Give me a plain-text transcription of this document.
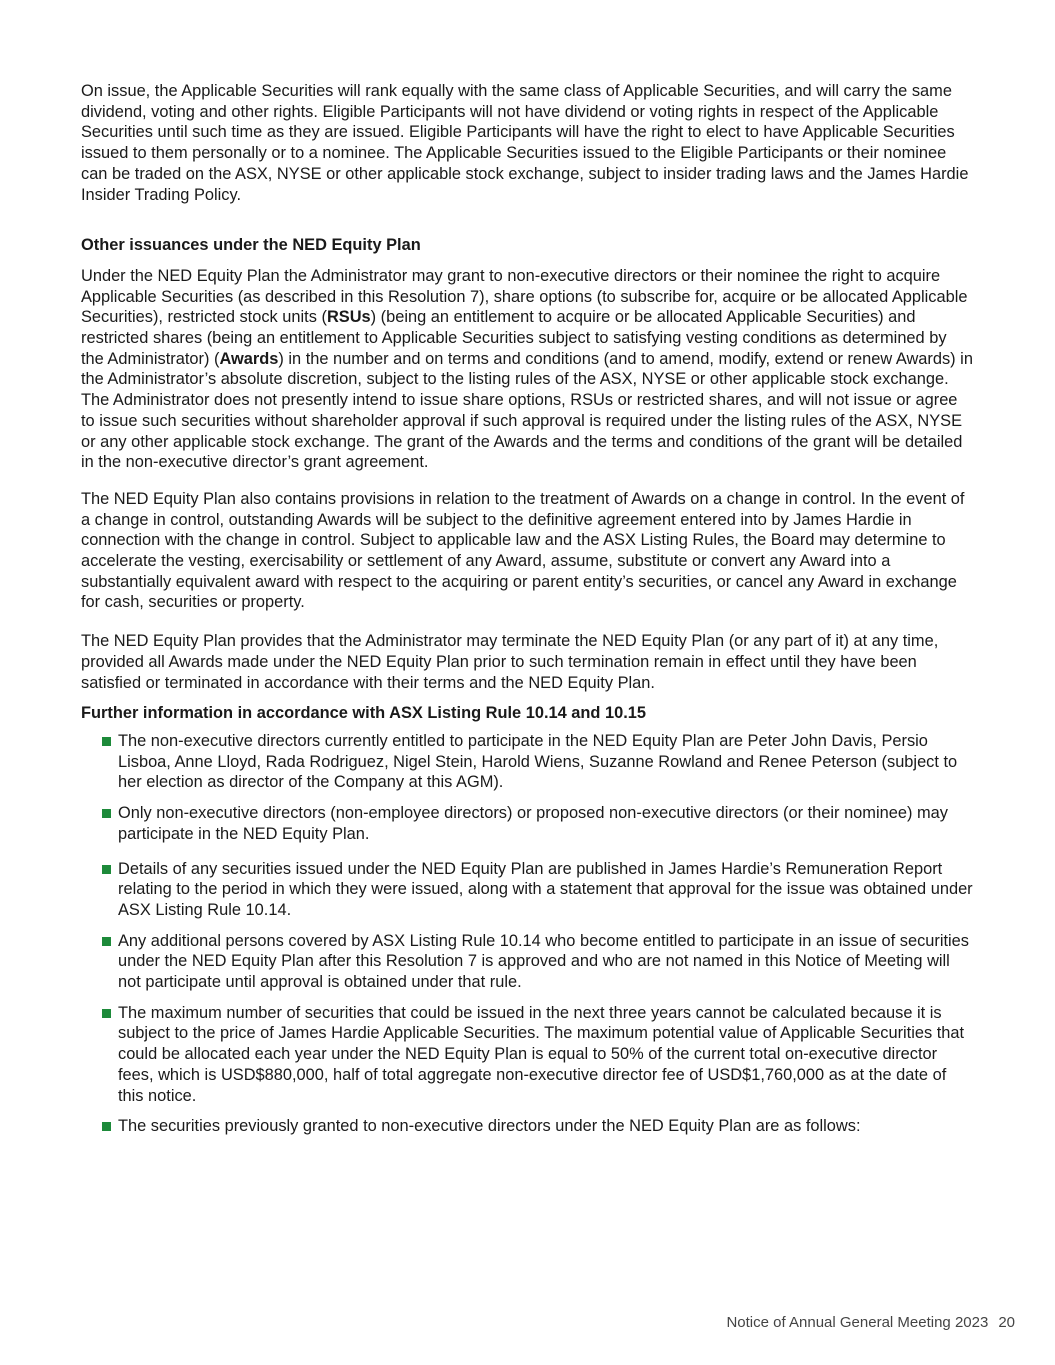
On issue, the Applicable Securities will rank equally with the same class of Applicable Securities, and will carry the same dividend, voting and other rights. Eligible Participants will not have dividend or voting rights in respect of the Applicable Securities until such time as they are issued. Eligible Participants will have the right to elect to have Applicable Securities issued to them personally or to a nominee. The Applicable Securities issued to the Eligible Participants or their nominee can be traded on the ASX, NYSE or other applicable stock exchange, subject to insider trading laws and the James Hardie Insider Trading Policy.

Other issuances under the NED Equity Plan

Under the NED Equity Plan the Administrator may grant to non-executive directors or their nominee the right to acquire Applicable Securities (as described in this Resolution 7), share options (to subscribe for, acquire or be allocated Applicable Securities), restricted stock units (RSUs) (being an entitlement to acquire or be allocated Applicable Securities) and restricted shares (being an entitlement to Applicable Securities subject to satisfying vesting conditions as determined by the Administrator) (Awards) in the number and on terms and conditions (and to amend, modify, extend or renew Awards) in the Administrator’s absolute discretion, subject to the listing rules of the ASX, NYSE or other applicable stock exchange. The Administrator does not presently intend to issue share options, RSUs or restricted shares, and will not issue or agree to issue such securities without shareholder approval if such approval is required under the listing rules of the ASX, NYSE or any other applicable stock exchange. The grant of the Awards and the terms and conditions of the grant will be detailed in the non-executive director’s grant agreement.

The NED Equity Plan also contains provisions in relation to the treatment of Awards on a change in control. In the event of a change in control, outstanding Awards will be subject to the definitive agreement entered into by James Hardie in connection with the change in control. Subject to applicable law and the ASX Listing Rules, the Board may determine to accelerate the vesting, exercisability or settlement of any Award, assume, substitute or convert any Award into a substantially equivalent award with respect to the acquiring or parent entity’s securities, or cancel any Award in exchange for cash, securities or property.

The NED Equity Plan provides that the Administrator may terminate the NED Equity Plan (or any part of it) at any time, provided all Awards made under the NED Equity Plan prior to such termination remain in effect until they have been satisfied or terminated in accordance with their terms and the NED Equity Plan.

Further information in accordance with ASX Listing Rule 10.14 and 10.15
The non-executive directors currently entitled to participate in the NED Equity Plan are Peter John Davis, Persio Lisboa, Anne Lloyd, Rada Rodriguez, Nigel Stein, Harold Wiens, Suzanne Rowland and Renee Peterson (subject to her election as director of the Company at this AGM).
Only non-executive directors (non-employee directors) or proposed non-executive directors (or their nominee) may participate in the NED Equity Plan.
Details of any securities issued under the NED Equity Plan are published in James Hardie’s Remuneration Report relating to the period in which they were issued, along with a statement that approval for the issue was obtained under ASX Listing Rule 10.14.
Any additional persons covered by ASX Listing Rule 10.14 who become entitled to participate in an issue of securities under the NED Equity Plan after this Resolution 7 is approved and who are not named in this Notice of Meeting will not participate until approval is obtained under that rule.
The maximum number of securities that could be issued in the next three years cannot be calculated because it is subject to the price of James Hardie Applicable Securities. The maximum potential value of Applicable Securities that could be allocated each year under the NED Equity Plan is equal to 50% of the current total on-executive director fees, which is USD$880,000, half of total aggregate non-executive director fee of USD$1,760,000 as at the date of this notice.
The securities previously granted to non-executive directors under the NED Equity Plan are as follows:
Notice of Annual General Meeting 2023 20
